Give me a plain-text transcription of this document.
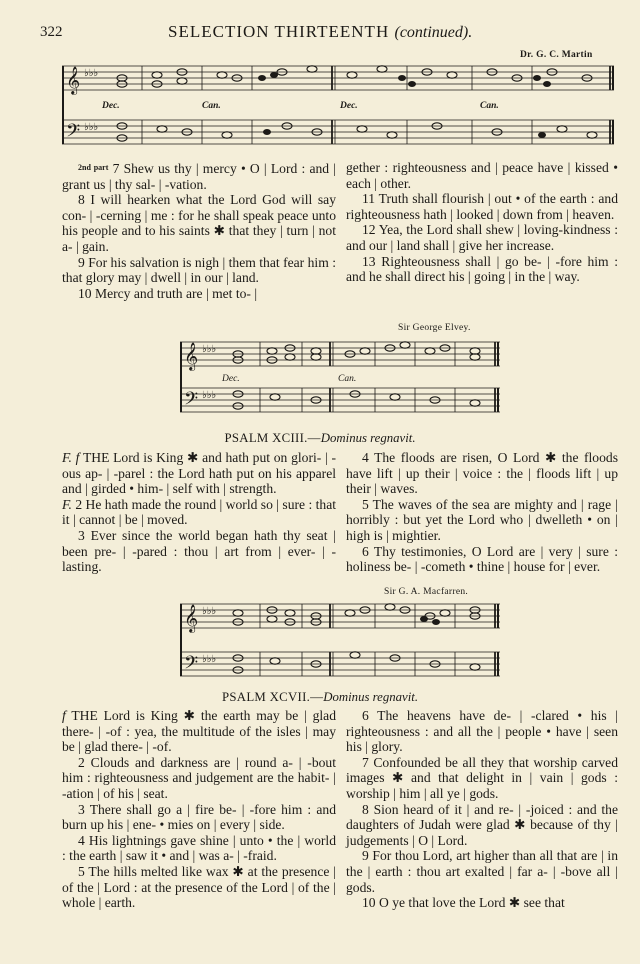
322	SELECTION THIRTEENTH (continued).
Dr. G. C. Martin
𝄞
𝄢
♭♭♭
♭♭♭
Dec.	Can.	Dec.	Can.

$^{2nd part}$ 7 Shew us thy | mercy • O | Lord : and | grant us | thy sal- | -vation.

8 I will hearken what the Lord God will say con- | -cerning | me : for he shall speak peace unto his people and to his saints ✱ that they | turn | not a- | gain.

9 For his salvation is nigh | them that fear him : that glory may | dwell | in our | land.

10 Mercy and truth are | met to- |

gether : righteousness and | peace have | kissed • each | other.

11 Truth shall flourish | out • of the earth : and righteousness hath | looked | down from | heaven.

12 Yea, the Lord shall shew | loving-kindness : and our | land shall | give her increase.

13 Righteousness shall | go be- | -fore him : and he shall direct his | going | in the | way.

Sir George Elvey.
𝄞
𝄢
♭♭♭
♭♭♭
Dec.	Can.
PSALM XCIII.—Dominus regnavit.

F. f THE Lord is King ✱ and hath put on glori- | -ous ap- | -parel : the Lord hath put on his apparel and | girded • him- | self with | strength.

F. 2 He hath made the round | world so | sure : that it | cannot | be | moved.

3 Ever since the world began hath thy seat | been pre- | -pared : thou | art from | ever- | -lasting.

4 The floods are risen, O Lord ✱ the floods have lift | up their | voice : the | floods lift | up their | waves.

5 The waves of the sea are mighty and | rage | horribly : but yet the Lord who | dwelleth • on | high is | mightier.

6 Thy testimonies, O Lord are | very | sure : holiness be- | -cometh • thine | house for | ever.

Sir G. A. Macfarren.
𝄞
𝄢
♭♭♭
♭♭♭
PSALM XCVII.—Dominus regnavit.

f THE Lord is King ✱ the earth may be | glad there- | -of : yea, the multitude of the isles | may be | glad there- | -of.

2 Clouds and darkness are | round a- | -bout him : righteousness and judgement are the habit- | -ation | of his | seat.

3 There shall go a | fire be- | -fore him : and burn up his | ene- • mies on | every | side.

4 His lightnings gave shine | unto • the | world : the earth | saw it • and | was a- | -fraid.

5 The hills melted like wax ✱ at the presence | of the | Lord : at the presence of the Lord | of the | whole | earth.

6 The heavens have de- | -clared • his | righteousness : and all the | people • have | seen his | glory.

7 Confounded be all they that worship carved images ✱ and that delight in | vain | gods : worship | him | all ye | gods.

8 Sion heard of it | and re- | -joiced : and the daughters of Judah were glad ✱ because of thy | judgements | O | Lord.

9 For thou Lord, art higher than all that are | in the | earth : thou art exalted | far a- | -bove all | gods.

10 O ye that love the Lord ✱ see that
